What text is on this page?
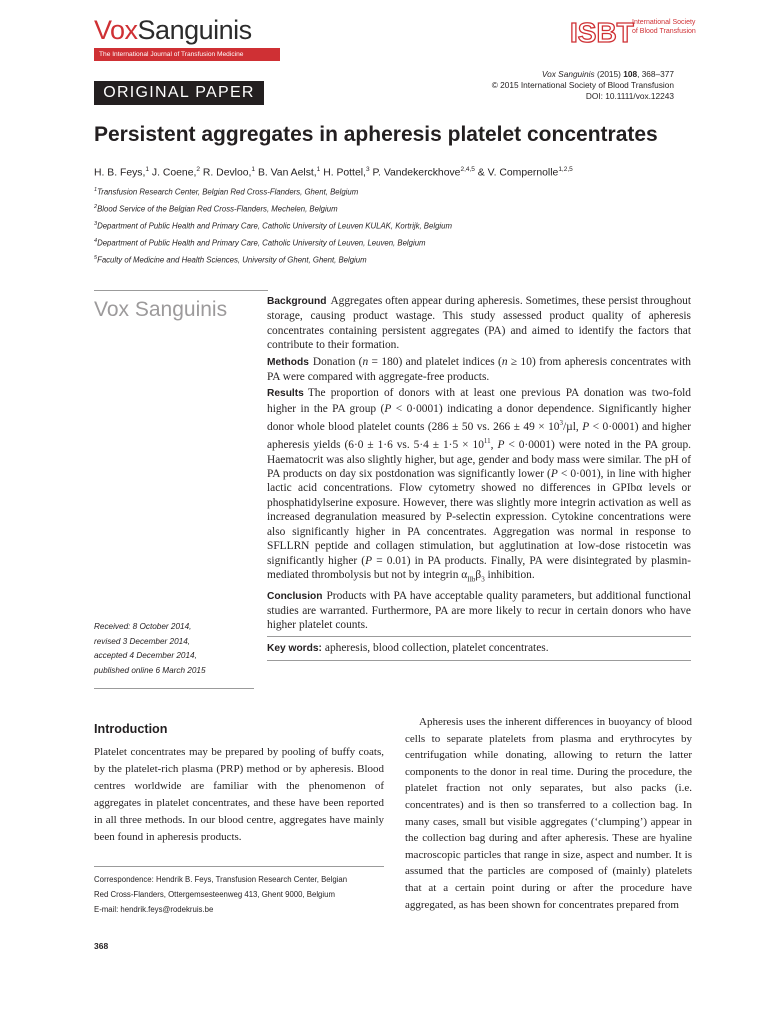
VoxSanguinis
The International Journal of Transfusion Medicine
ISBT
International Society
of Blood Transfusion
ORIGINAL PAPER
Vox Sanguinis (2015) 108, 368–377
© 2015 International Society of Blood Transfusion
DOI: 10.1111/vox.12243
Persistent aggregates in apheresis platelet concentrates
H. B. Feys,$^1$ J. Coene,$^2$ R. Devloo,$^1$ B. Van Aelst,$^1$ H. Pottel,$^3$ P. Vandekerckhove$^{2,4,5}$ & V. Compernolle$^{1,2,5}$
$^1$Transfusion Research Center, Belgian Red Cross-Flanders, Ghent, Belgium
$^2$Blood Service of the Belgian Red Cross-Flanders, Mechelen, Belgium
$^3$Department of Public Health and Primary Care, Catholic University of Leuven KULAK, Kortrijk, Belgium
$^4$Department of Public Health and Primary Care, Catholic University of Leuven, Leuven, Belgium
$^5$Faculty of Medicine and Health Sciences, University of Ghent, Ghent, Belgium
Vox Sanguinis
Received: 8 October 2014,
revised 3 December 2014,
accepted 4 December 2014,
published online 6 March 2015

Background Aggregates often appear during apheresis. Sometimes, these persist throughout storage, causing product wastage. This study assessed product quality of apheresis concentrates containing persistent aggregates (PA) and aimed to identify the factors that contribute to their formation.

Methods Donation (n = 180) and platelet indices (n ≥ 10) from apheresis concentrates with PA were compared with aggregate-free products.

Results The proportion of donors with at least one previous PA donation was two-fold higher in the PA group (P < 0·0001) indicating a donor dependence. Significantly higher donor whole blood platelet counts (286 ± 50 vs. $266 \pm 49 \times 10^3/\mu l$, P < 0·0001) and higher apheresis yields (6·0 ± 1·6 vs. $5\cdot 4 \pm 1\cdot 5 \times 10^{11}$, P < 0·0001) were noted in the PA group. Haematocrit was also slightly higher, but age, gender and body mass were similar. The pH of PA products on day six postdonation was significantly lower (P < 0·001), in line with higher lactic acid concentrations. Flow cytometry showed no differences in GPIbα levels or phosphatidylserine exposure. However, there was slightly more integrin activation as well as increased degranulation measured by P-selectin expression. Cytokine concentrations were also significantly higher in PA concentrates. Aggregation was normal in response to SFLLRN peptide and collagen stimulation, but agglutination at low-dose ristocetin was significantly higher (P = 0.01) in PA products. Finally, PA were disintegrated by plasmin-mediated thrombolysis but not by integrin $\alpha_{IIb}\beta_3$ inhibition.

Conclusion Products with PA have acceptable quality parameters, but additional functional studies are warranted. Furthermore, PA are more likely to recur in certain donors who have higher platelet counts.

Key words: apheresis, blood collection, platelet concentrates.

Introduction

Platelet concentrates may be prepared by pooling of buffy coats, by the platelet-rich plasma (PRP) method or by apheresis. Blood centres worldwide are familiar with the phenomenon of aggregates in platelet concentrates, and these have been reported in all three methods. In our blood centre, aggregates have mainly been found in apheresis products.

Apheresis uses the inherent differences in buoyancy of blood cells to separate platelets from plasma and erythrocytes by centrifugation while donating, allowing to return the latter components to the donor in real time. During the procedure, the platelet fraction not only separates, but also packs (i.e. concentrates) and is then so transferred to a collection bag. In many cases, small but visible aggregates (‘clumping’) appear in the collection bag during and after apheresis. These are hyaline macroscopic particles that range in size, aspect and number. It is assumed that the particles are composed of (mainly) platelets that at a certain point during or after the procedure have aggregated, as has been shown for concentrates prepared from

Correspondence: Hendrik B. Feys, Transfusion Research Center, Belgian
Red Cross-Flanders, Ottergemsesteenweg 413, Ghent 9000, Belgium
E-mail: hendrik.feys@rodekruis.be
368
